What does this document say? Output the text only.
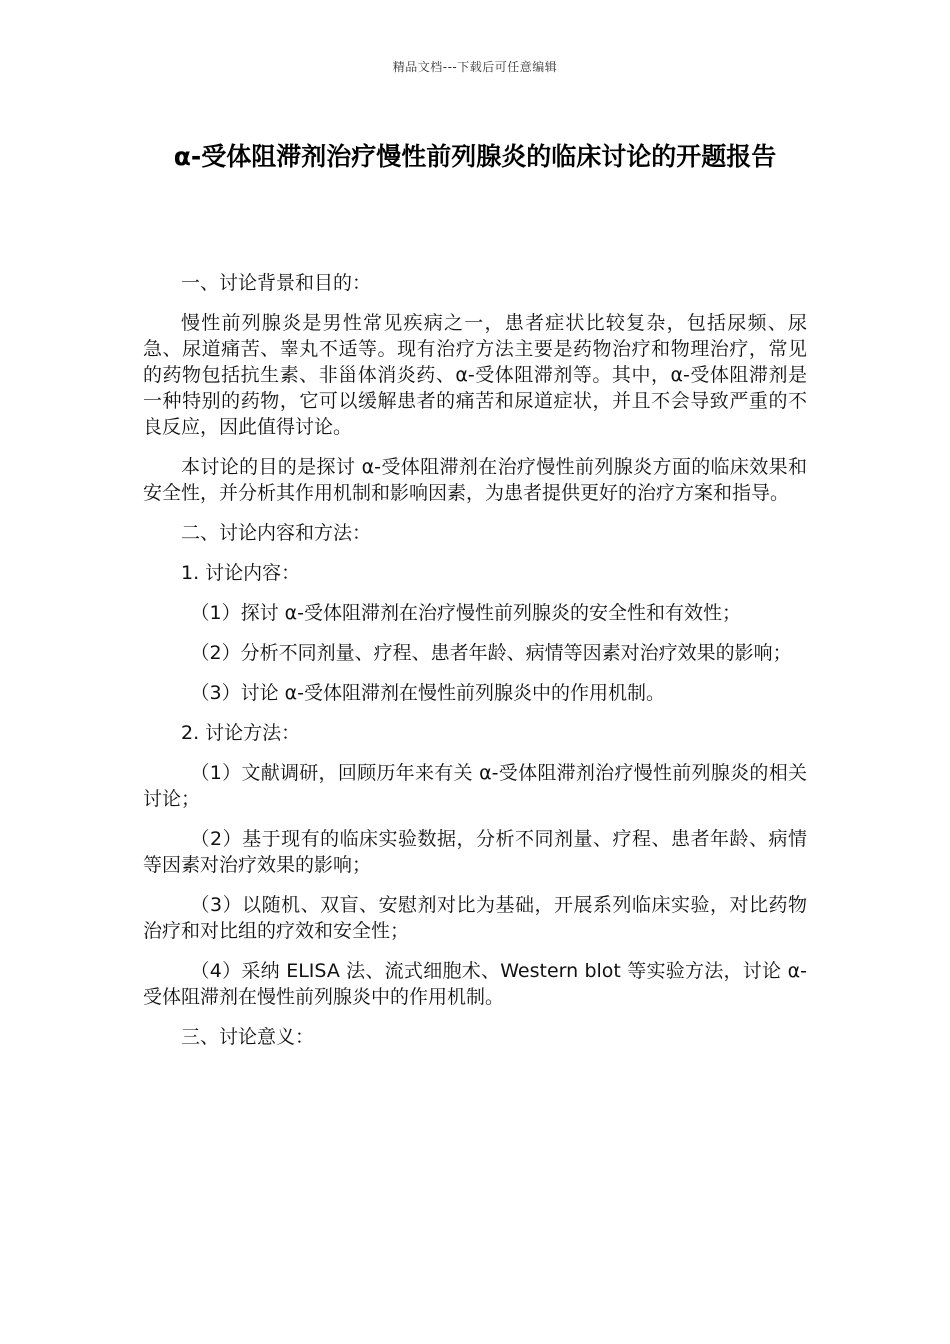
精品文档---下载后可任意编辑
α-受体阻滞剂治疗慢性前列腺炎的临床讨论的开题报告

一、讨论背景和目的：

慢性前列腺炎是男性常见疾病之一，患者症状比较复杂，包括尿频、尿急、尿道痛苦、睾丸不适等。现有治疗方法主要是药物治疗和物理治疗，常见的药物包括抗生素、非甾体消炎药、α-受体阻滞剂等。其中，α-受体阻滞剂是一种特别的药物，它可以缓解患者的痛苦和尿道症状，并且不会导致严重的不良反应，因此值得讨论。

本讨论的目的是探讨 α-受体阻滞剂在治疗慢性前列腺炎方面的临床效果和安全性，并分析其作用机制和影响因素，为患者提供更好的治疗方案和指导。

二、讨论内容和方法：

1. 讨论内容：

（1）探讨 α-受体阻滞剂在治疗慢性前列腺炎的安全性和有效性；

（2）分析不同剂量、疗程、患者年龄、病情等因素对治疗效果的影响；

（3）讨论 α-受体阻滞剂在慢性前列腺炎中的作用机制。

2. 讨论方法：

（1）文献调研，回顾历年来有关 α-受体阻滞剂治疗慢性前列腺炎的相关讨论；

（2）基于现有的临床实验数据，分析不同剂量、疗程、患者年龄、病情等因素对治疗效果的影响；

（3）以随机、双盲、安慰剂对比为基础，开展系列临床实验，对比药物治疗和对比组的疗效和安全性；

（4）采纳 ELISA 法、流式细胞术、Western blot 等实验方法，讨论 α-受体阻滞剂在慢性前列腺炎中的作用机制。

三、讨论意义：
